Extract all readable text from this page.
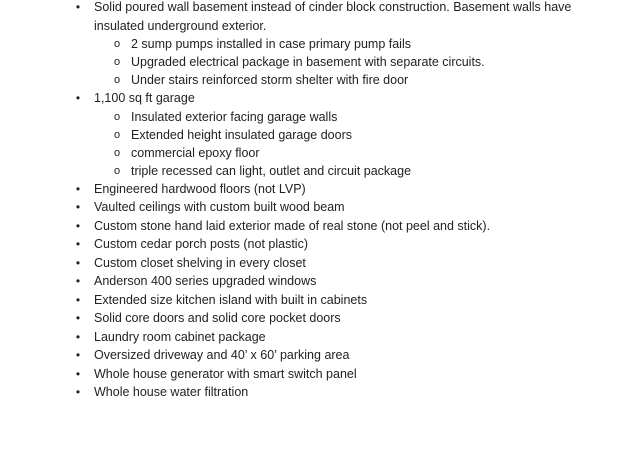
• Solid poured wall basement instead of cinder block construction. Basement walls have insulated underground exterior.
o 2 sump pumps installed in case primary pump fails
o Upgraded electrical package in basement with separate circuits.
o Under stairs reinforced storm shelter with fire door
• 1,100 sq ft garage
o Insulated exterior facing garage walls
o Extended height insulated garage doors
o commercial epoxy floor
o triple recessed can light, outlet and circuit package
• Engineered hardwood floors (not LVP)
• Vaulted ceilings with custom built wood beam
• Custom stone hand laid exterior made of real stone (not peel and stick).
• Custom cedar porch posts (not plastic)
• Custom closet shelving in every closet
• Anderson 400 series upgraded windows
• Extended size kitchen island with built in cabinets
• Solid core doors and solid core pocket doors
• Laundry room cabinet package
• Oversized driveway and 40’ x 60’ parking area
• Whole house generator with smart switch panel
• Whole house water filtration
